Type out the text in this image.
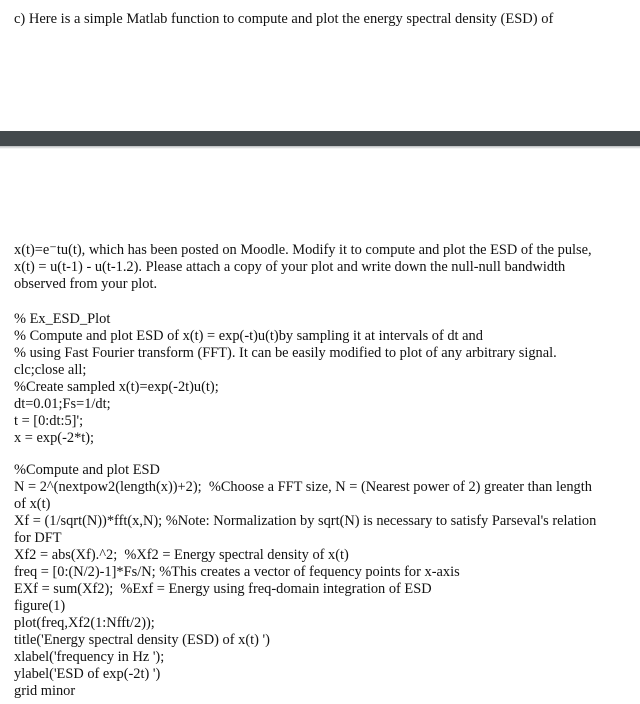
c) Here is a simple Matlab function to compute and plot the energy spectral density (ESD) of
x(t)=e⁻tu(t), which has been posted on Moodle. Modify it to compute and plot the ESD of the pulse,
x(t) = u(t-1) - u(t-1.2). Please attach a copy of your plot and write down the null-null bandwidth
observed from your plot.
% Ex_ESD_Plot
% Compute and plot ESD of x(t) = exp(-t)u(t)by sampling it at intervals of dt and
% using Fast Fourier transform (FFT). It can be easily modified to plot of any arbitrary signal.
clc;close all;
%Create sampled x(t)=exp(-2t)u(t);
dt=0.01;Fs=1/dt;
t = [0:dt:5]';
x = exp(-2*t);
%Compute and plot ESD
N = 2^(nextpow2(length(x))+2);  %Choose a FFT size, N = (Nearest power of 2) greater than length
of x(t)
Xf = (1/sqrt(N))*fft(x,N); %Note: Normalization by sqrt(N) is necessary to satisfy Parseval's relation
for DFT
Xf2 = abs(Xf).^2;  %Xf2 = Energy spectral density of x(t)
freq = [0:(N/2)-1]*Fs/N; %This creates a vector of fequency points for x-axis
EXf = sum(Xf2);  %Exf = Energy using freq-domain integration of ESD
figure(1)
plot(freq,Xf2(1:Nfft/2));
title('Energy spectral density (ESD) of x(t) ')
xlabel('frequency in Hz ');
ylabel('ESD of exp(-2t) ')
grid minor
